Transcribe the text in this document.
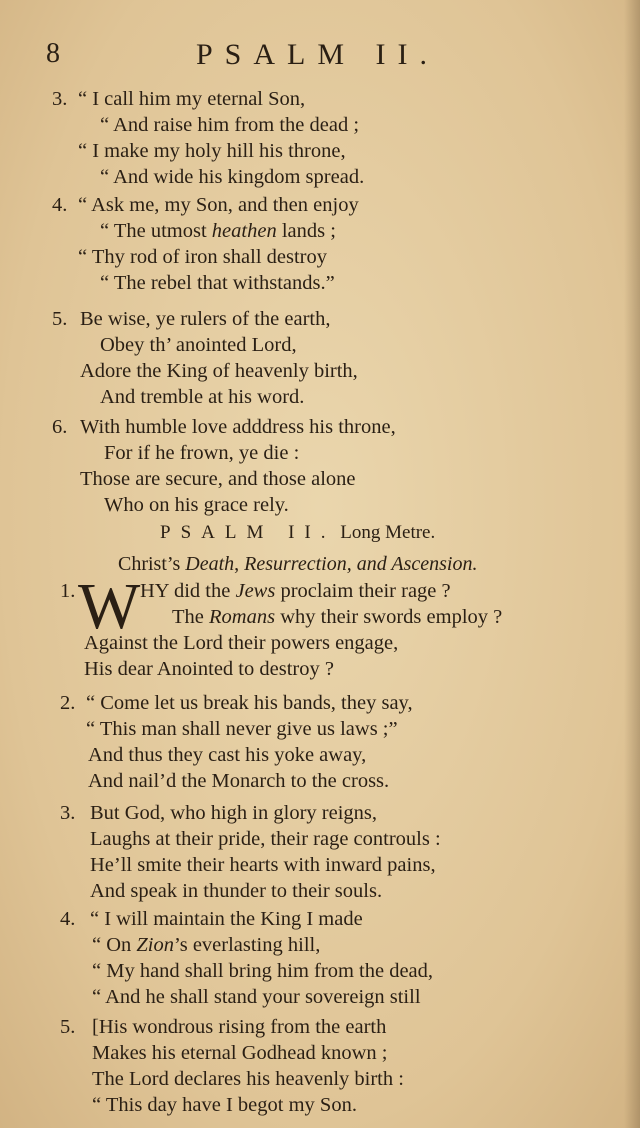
8	PSALM II.
3. “ I call him my eternal Son,
“ And raise him from the dead ;
“ I make my holy hill his throne,
“ And wide his kingdom spread.
4. “ Ask me, my Son, and then enjoy
“ The utmost heathen lands ;
“ Thy rod of iron shall destroy
“ The rebel that withstands.”
5. Be wise, ye rulers of the earth,
Obey th’ anointed Lord,
Adore the King of heavenly birth,
And tremble at his word.
6. With humble love adddress his throne,
For if he frown, ye die :
Those are secure, and those alone
Who on his grace rely.
PSALM II. Long Metre.
Christ’s Death, Resurrection, and Ascension.
W
1.	HY did the Jews proclaim their rage ?
The Romans why their swords employ ?
Against the Lord their powers engage,
His dear Anointed to destroy ?
2. “ Come let us break his bands, they say,
“ This man shall never give us laws ;”
And thus they cast his yoke away,
And nail’d the Monarch to the cross.
3. But God, who high in glory reigns,
Laughs at their pride, their rage controuls :
He’ll smite their hearts with inward pains,
And speak in thunder to their souls.
4. “ I will maintain the King I made
“ On Zion’s everlasting hill,
“ My hand shall bring him from the dead,
“ And he shall stand your sovereign still
5. [His wondrous rising from the earth
Makes his eternal Godhead known ;
The Lord declares his heavenly birth :
“ This day have I begot my Son.
